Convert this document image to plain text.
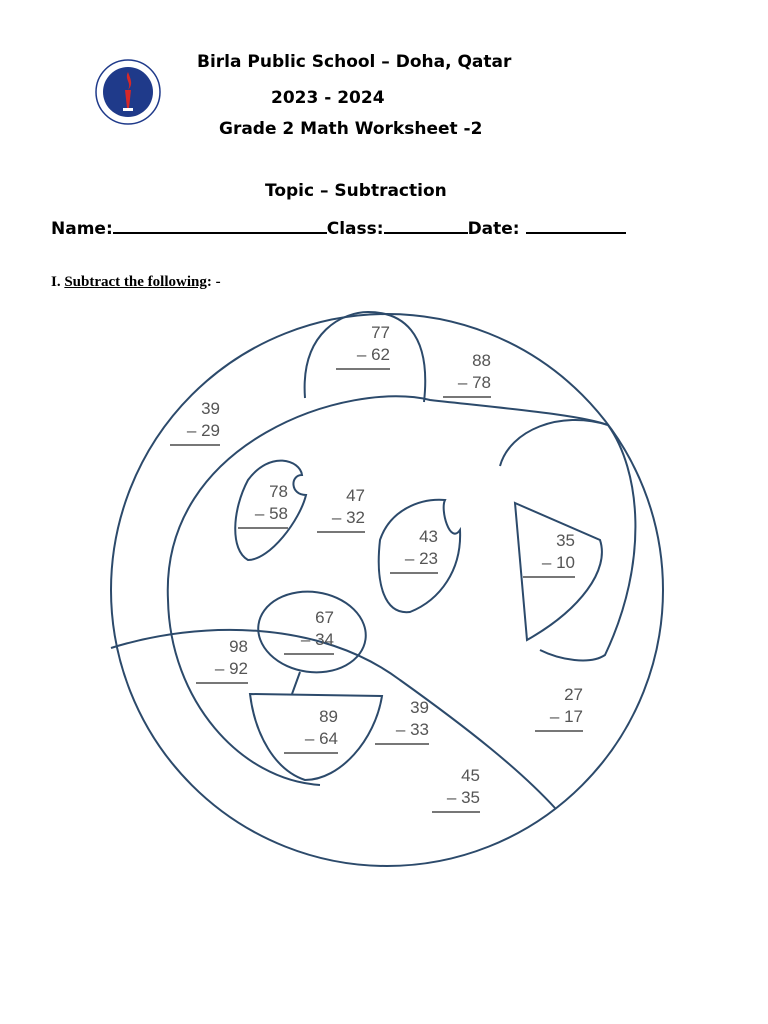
Birla Public School – Doha, Qatar
2023 - 2024
Grade 2 Math Worksheet -2
Topic – Subtraction
Name:	Class:	Date:
I. Subtract the following: -
77
– 62	88
– 78
39
– 29
78
– 58
47
– 32
43
– 23
35
– 10
67
– 34
98
– 92
89
– 64
39
– 33
27
– 17
45
– 35
